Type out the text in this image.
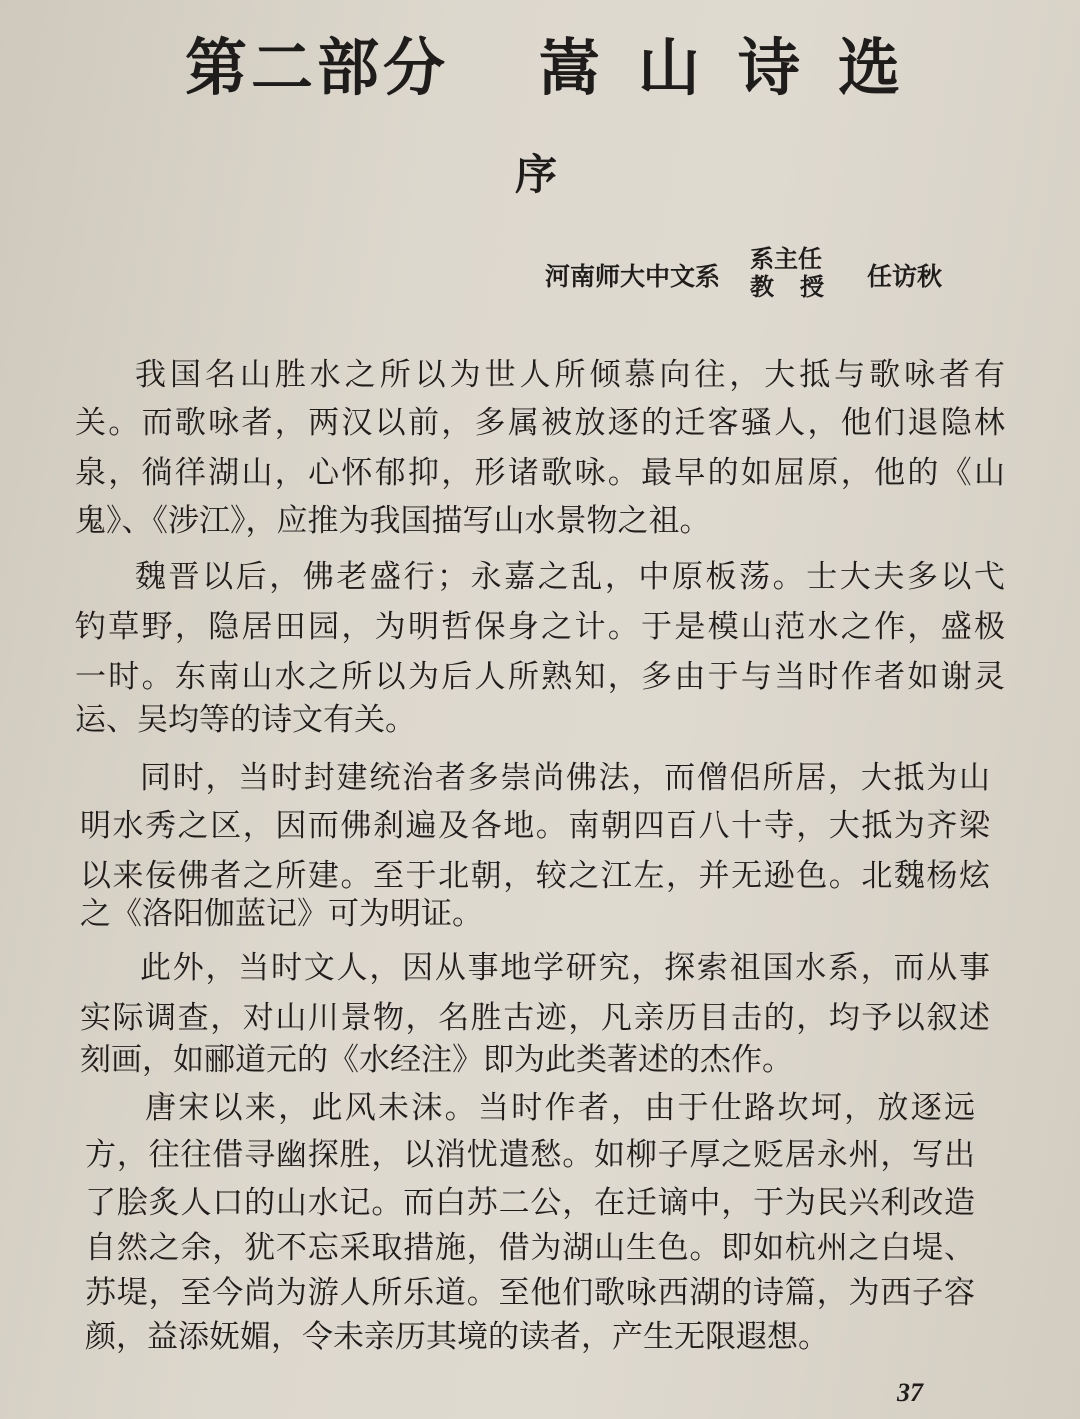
第二部分 嵩山诗选
序
河南师大中文系
系主任
教授 任访秋
我国名山胜水之所以为世人所倾慕向往，大抵与歌咏者有
关。而歌咏者，两汉以前，多属被放逐的迁客骚人，他们退隐林
泉，徜徉湖山，心怀郁抑，形诸歌咏。最早的如屈原，他的《山
鬼》、《涉江》，应推为我国描写山水景物之祖。
魏晋以后，佛老盛行；永嘉之乱，中原板荡。士大夫多以弋
钓草野，隐居田园，为明哲保身之计。于是模山范水之作，盛极
一时。东南山水之所以为后人所熟知，多由于与当时作者如谢灵
运、吴均等的诗文有关。
同时，当时封建统治者多崇尚佛法，而僧侣所居，大抵为山
明水秀之区，因而佛刹遍及各地。南朝四百八十寺，大抵为齐梁
以来佞佛者之所建。至于北朝，较之江左，并无逊色。北魏杨炫
之《洛阳伽蓝记》可为明证。
此外，当时文人，因从事地学研究，探索祖国水系，而从事
实际调查，对山川景物，名胜古迹，凡亲历目击的，均予以叙述
刻画，如郦道元的《水经注》即为此类著述的杰作。
唐宋以来，此风未沫。当时作者，由于仕路坎坷，放逐远
方，往往借寻幽探胜，以消忧遣愁。如柳子厚之贬居永州，写出
了脍炙人口的山水记。而白苏二公，在迁谪中，于为民兴利改造
自然之余，犹不忘采取措施，借为湖山生色。即如杭州之白堤、
苏堤，至今尚为游人所乐道。至他们歌咏西湖的诗篇，为西子容
颜，益添妩媚，令未亲历其境的读者，产生无限遐想。
37
